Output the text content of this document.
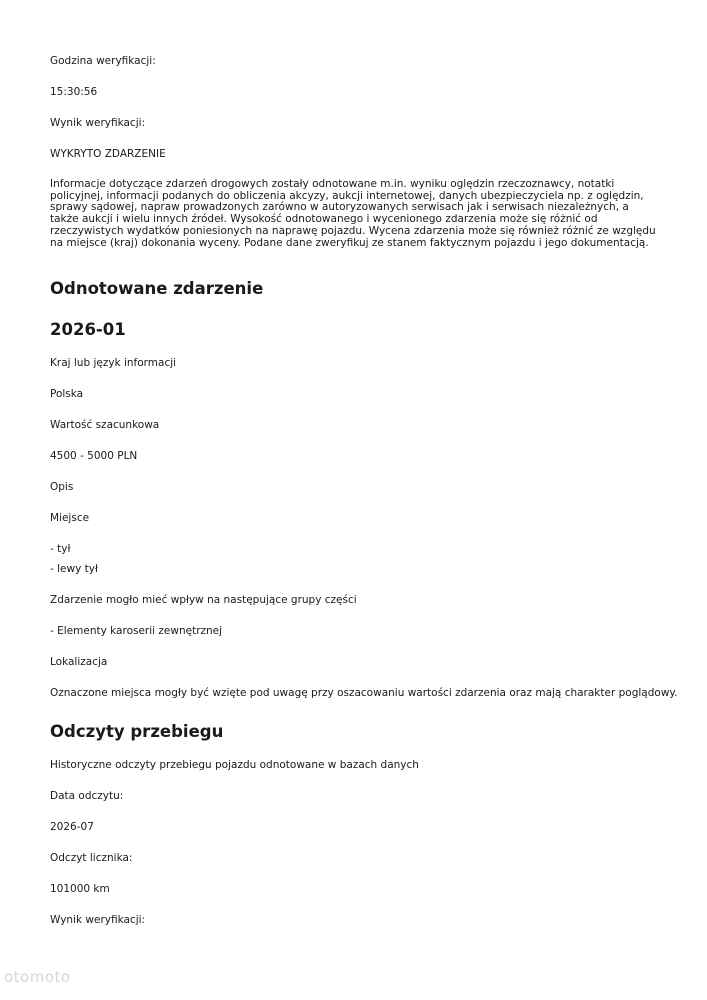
Godzina weryfikacji:
15:30:56
Wynik weryfikacji:
WYKRYTO ZDARZENIE
Informacje dotyczące zdarzeń drogowych zostały odnotowane m.in. wyniku oględzin rzeczoznawcy, notatki policyjnej, informacji podanych do obliczenia akcyzy, aukcji internetowej, danych ubezpieczyciela np. z oględzin, sprawy sądowej, napraw prowadzonych zarówno w autoryzowanych serwisach jak i serwisach niezależnych, a także aukcji i wielu innych źródeł. Wysokość odnotowanego i wycenionego zdarzenia może się różnić od rzeczywistych wydatków poniesionych na naprawę pojazdu. Wycena zdarzenia może się również różnić ze względu na miejsce (kraj) dokonania wyceny. Podane dane zweryfikuj ze stanem faktycznym pojazdu i jego dokumentacją.
Odnotowane zdarzenie
2026-01
Kraj lub język informacji
Polska
Wartość szacunkowa
4500 - 5000 PLN
Opis
Miejsce
- tył
- lewy tył
Zdarzenie mogło mieć wpływ na następujące grupy części
- Elementy karoserii zewnętrznej
Lokalizacja
Oznaczone miejsca mogły być wzięte pod uwagę przy oszacowaniu wartości zdarzenia oraz mają charakter poglądowy.
Odczyty przebiegu
Historyczne odczyty przebiegu pojazdu odnotowane w bazach danych
Data odczytu:
2026-07
Odczyt licznika:
101000 km
Wynik weryfikacji:
otomoto
